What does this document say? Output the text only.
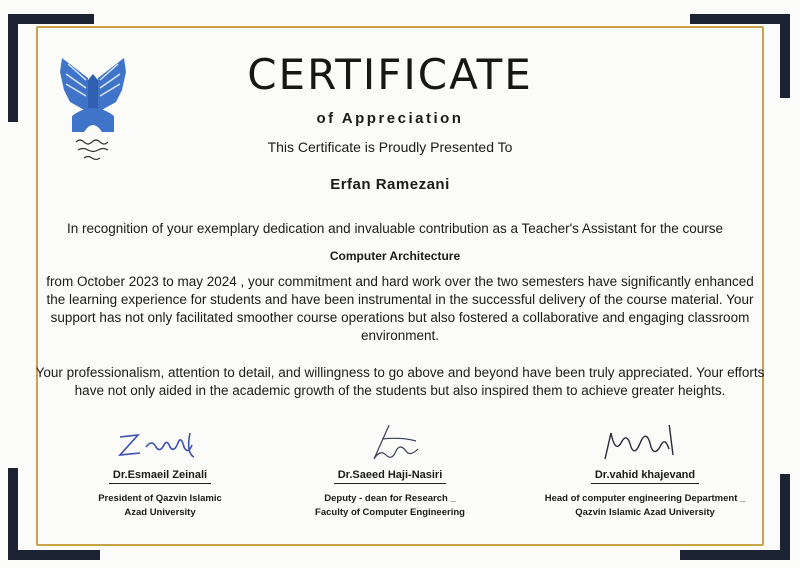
CERTIFICATE
of Appreciation
This Certificate is Proudly Presented To
Erfan Ramezani
In recognition of your exemplary dedication and invaluable contribution as a Teacher's Assistant for the course
Computer Architecture
from October 2023 to may 2024 , your commitment and hard work over the two semesters have significantly enhanced the learning experience for students and have been instrumental in the successful delivery of the course material. Your support has not only facilitated smoother course operations but also fostered a collaborative and engaging classroom environment.
Your professionalism, attention to detail, and willingness to go above and beyond have been truly appreciated. Your efforts have not only aided in the academic growth of the students but also inspired them to achieve greater heights.
Dr.Esmaeil Zeinali
President of Qazvin Islamic
Azad University
Dr.Saeed Haji-Nasiri
Deputy - dean for Research _
Faculty of Computer Engineering
Dr.vahid khajevand
Head of computer engineering Department _
Qazvin Islamic Azad University
